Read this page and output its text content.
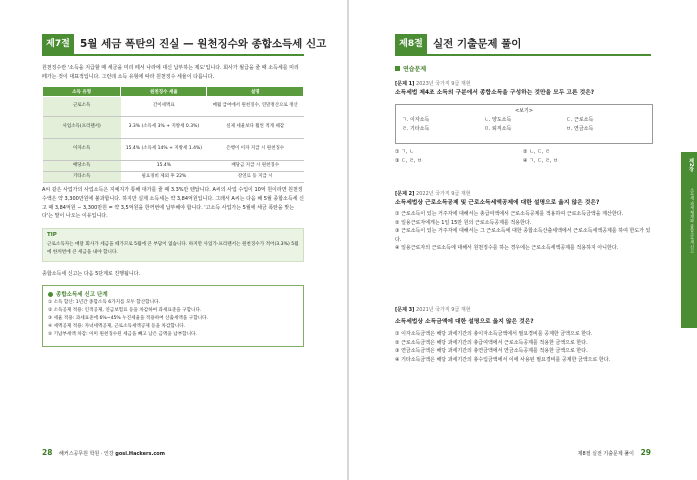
제7절 5월 세금 폭탄의 진실 — 원천징수와 종합소득세 신고
원천징수란 '소득을 지급할 때 세금을 미리 떼서 나라에 대신 납부하는 제도'입니다. 회사가 월급을 줄 때 소득세를 미리 떼가는 것이 대표적입니다. 그런데 소득 유형에 따라 원천징수 세율이 다릅니다.
소득 유형	원천징수 세율	설명
근로소득	간이세액표	매월 급여에서 원천징수, 연말정산으로 정산
사업소득(프리랜서)	3.3% (소득세 3% + 지방세 0.3%)	실제 세율보다 훨씬 적게 떼감
이자소득	15.4% (소득세 14% + 지방세 1.4%)	은행이 이자 지급 시 원천징수
배당소득	15.4%	배당금 지급 시 원천징수
기타소득	필요경비 제외 후 22%	강연료 등 지급 시
A씨 같은 사업가의 사업소득은 지예지가 통해 대가를 줄 때 3.3%만 뗀답니다. A씨의 사업 수입이 10억 원이라면 원천징수액은 약 3,300만원에 불과합니다. 하지만 실제 소득세는 약 3,84억원입니다. 그래서 A씨는 다음 해 5월 종합소득세 신고 때 3,84억원 − 3,300만원 = 약 3,5억원을 한꺼번에 납부해야 합니다. '고소득 사업가는 5월에 세금 폭탄을 맞는다'는 말이 나오는 이유입니다.
TIP
근로소득자는 매달 회사가 세금을 떼가므로 5월에 큰 부담이 없습니다. 하지만 사업가·프리랜서는 원천징수가 적어(3.3%) 5월에 한꺼번에 큰 세금을 내야 합니다.
종합소득세 신고는 다음 5단계로 진행됩니다.
종합소득세 신고 단계
① 소득 합산: 1년간 종합소득 6가지를 모두 합산합니다.
② 소득공제 적용: 인적공제, 연금보험료 등을 차감하여 과세표준을 구합니다.
③ 세율 적용: 과세표준에 6%~45% 누진세율을 적용하여 산출세액을 구합니다.
④ 세액공제 적용: 자녀세액공제, 근로소득세액공제 등을 차감합니다.
⑤ 기납부세액 차감: 이미 원천징수된 세금을 빼고 남은 금액을 납부합니다.
28 해커스공무원 학원 · 인강 gosi.Hackers.com
제8절 실전 기출문제 풀이
연습문제
[문제 1] 2023년 국가직 9급 재현
소득세법 제4조 소득의 구분에서 종합소득을 구성하는 것만을 모두 고른 것은?
<보기>
ㄱ. 이자소득	ㄴ. 양도소득	ㄷ. 근로소득
ㄹ. 기타소득	ㅁ. 퇴직소득	ㅂ. 연금소득
① ㄱ, ㄴ	② ㄴ, ㄷ, ㄹ
③ ㄷ, ㄹ, ㅂ	④ ㄱ, ㄷ, ㄹ, ㅂ
[문제 2] 2022년 국가직 9급 재현
소득세법상 근로소득공제 및 근로소득세액공제에 대한 설명으로 옳지 않은 것은?
① 근로소득이 있는 거주자에 대해서는 총급여액에서 근로소득공제를 적용하여 근로소득금액을 계산한다.
② 일용근로자에게는 1일 15만 원의 근로소득공제를 적용한다.
③ 근로소득이 있는 거주자에 대해서는 그 근로소득에 대한 종합소득산출세액에서 근로소득세액공제를 하여 한도가 있다.
④ 일용근로자의 근로소득에 대해서 원천징수를 하는 경우에는 근로소득세액공제를 적용하지 아니한다.
[문제 3] 2021년 국가직 9급 재현
소득세법상 소득금액에 대한 설명으로 옳지 않은 것은?
① 이자소득금액은 해당 과세기간의 총이자소득금액에서 필요경비를 공제한 금액으로 한다.
② 근로소득금액은 해당 과세기간의 총급여액에서 근로소득공제를 적용한 금액으로 한다.
③ 연금소득금액은 해당 과세기간의 총연금액에서 연금소득공제를 적용한 금액으로 한다.
④ 기타소득금액은 해당 과세기간의 총수입금액에서 이에 사용된 필요경비를 공제한 금액으로 한다.
제8절 실전 기출문제 풀이 29
제2장
소득세 과세 체계와 종합소득세 신고
